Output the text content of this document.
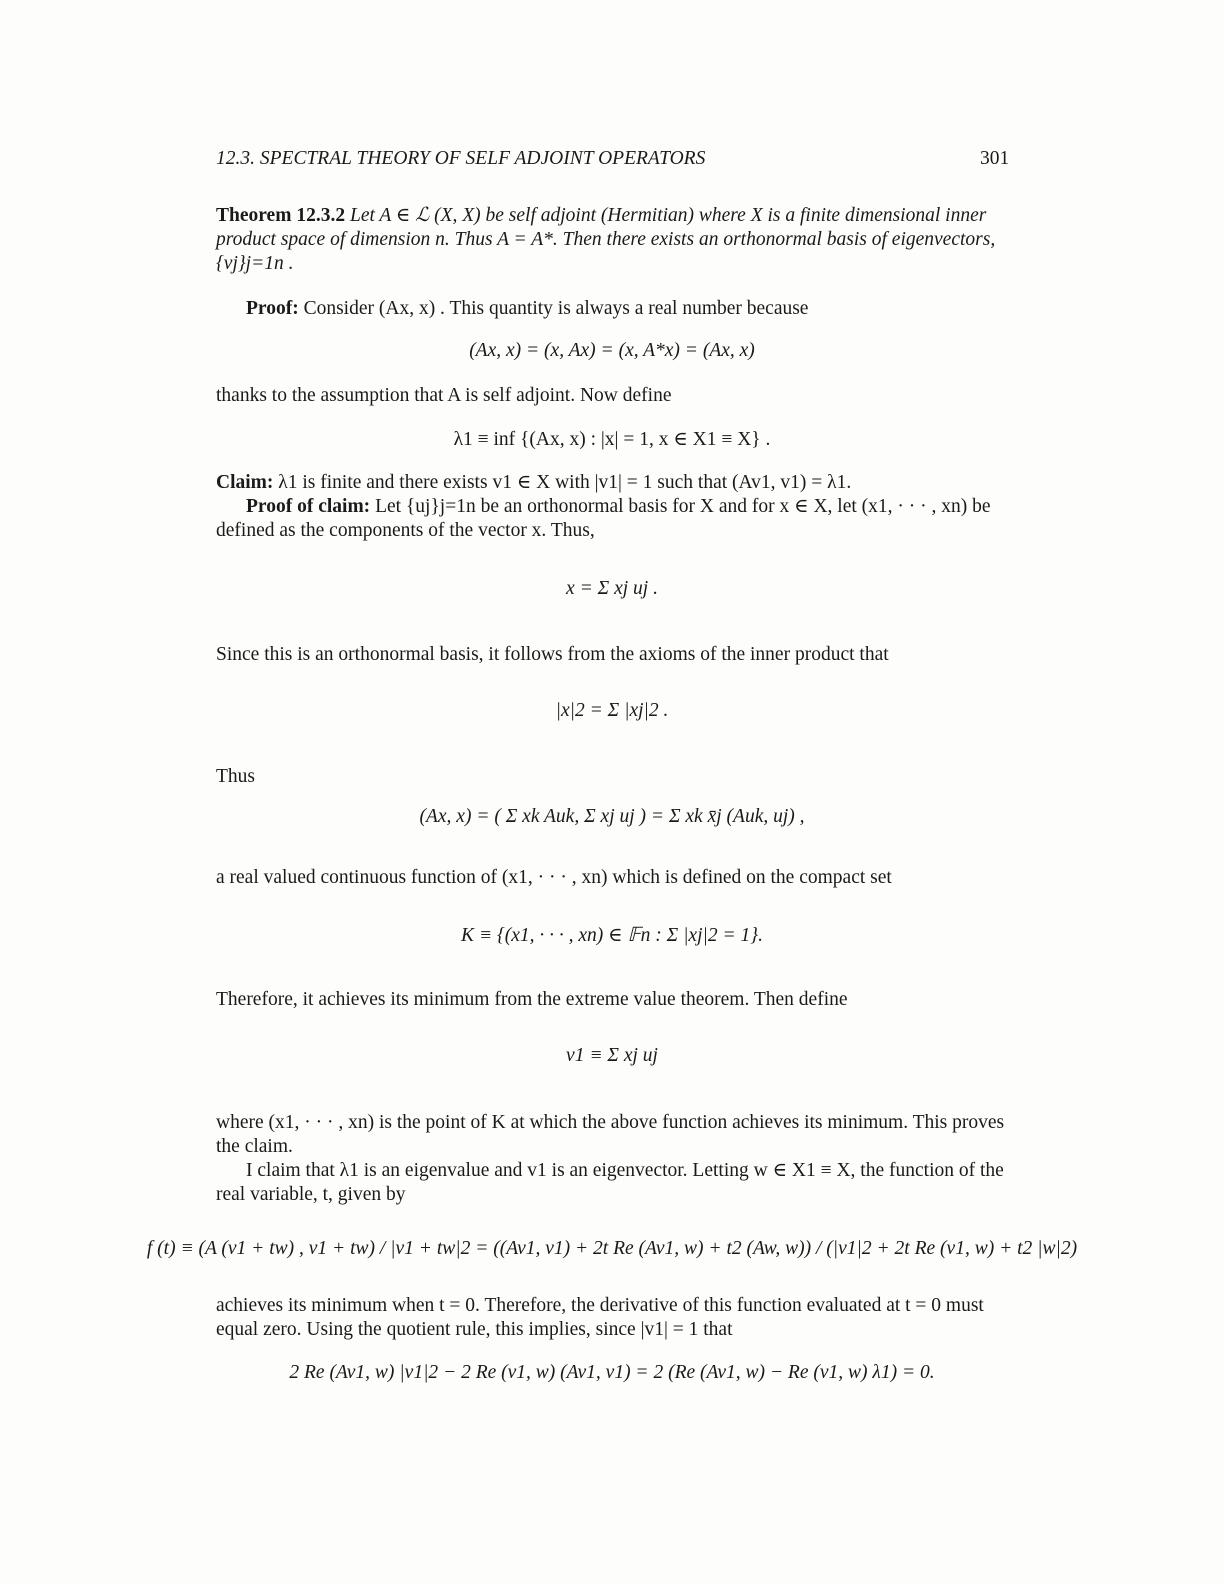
12.3. SPECTRAL THEORY OF SELF ADJOINT OPERATORS	301
Theorem 12.3.2 Let A ∈ ℒ (X, X) be self adjoint (Hermitian) where X is a finite dimensional inner product space of dimension n. Thus A = A*. Then there exists an orthonormal basis of eigenvectors, {vj}j=1n .
Proof: Consider (Ax, x) . This quantity is always a real number because
(Ax, x) = (x, Ax) = (x, A*x) = (Ax, x)
thanks to the assumption that A is self adjoint. Now define
λ1 ≡ inf {(Ax, x) : |x| = 1, x ∈ X1 ≡ X} .
Claim: λ1 is finite and there exists v1 ∈ X with |v1| = 1 such that (Av1, v1) = λ1.
Proof of claim: Let {uj}j=1n be an orthonormal basis for X and for x ∈ X, let (x1, · · · , xn) be defined as the components of the vector x. Thus,
x = Σ xj uj .
Since this is an orthonormal basis, it follows from the axioms of the inner product that
|x|2 = Σ |xj|2 .
Thus
(Ax, x) = ( Σ xk Auk, Σ xj uj ) = Σ xk x̄j (Auk, uj) ,
a real valued continuous function of (x1, · · · , xn) which is defined on the compact set
K ≡ {(x1, · · · , xn) ∈ 𝔽n : Σ |xj|2 = 1}.
Therefore, it achieves its minimum from the extreme value theorem. Then define
v1 ≡ Σ xj uj
where (x1, · · · , xn) is the point of K at which the above function achieves its minimum. This proves the claim.
I claim that λ1 is an eigenvalue and v1 is an eigenvector. Letting w ∈ X1 ≡ X, the function of the real variable, t, given by
f (t) ≡ (A (v1 + tw) , v1 + tw) / |v1 + tw|2 = ((Av1, v1) + 2t Re (Av1, w) + t2 (Aw, w)) / (|v1|2 + 2t Re (v1, w) + t2 |w|2)
achieves its minimum when t = 0. Therefore, the derivative of this function evaluated at t = 0 must equal zero. Using the quotient rule, this implies, since |v1| = 1 that
2 Re (Av1, w) |v1|2 − 2 Re (v1, w) (Av1, v1) = 2 (Re (Av1, w) − Re (v1, w) λ1) = 0.
